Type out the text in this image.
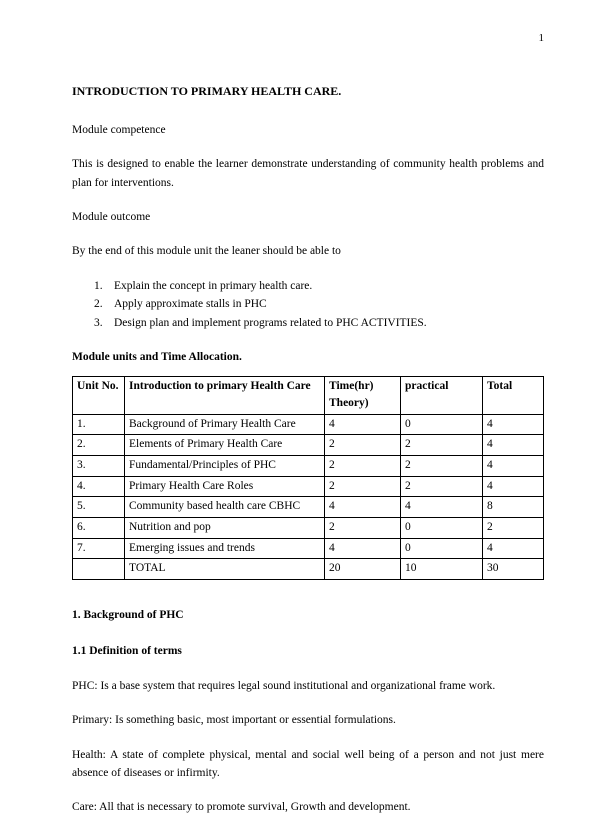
1
INTRODUCTION TO PRIMARY HEALTH CARE.
Module competence
This is designed to enable the learner demonstrate understanding of community health problems and plan for interventions.
Module outcome
By the end of this module unit the leaner should be able to
1. Explain the concept in primary health care.
2. Apply approximate stalls in PHC
3. Design plan and implement programs related to PHC ACTIVITIES.
Module units and Time Allocation.
Unit No.	Introduction to primary Health Care	Time(hr) Theory)	practical	Total
1.	Background of Primary Health Care	4	0	4
2.	Elements of Primary Health Care	2	2	4
3.	Fundamental/Principles of PHC	2	2	4
4.	Primary Health Care Roles	2	2	4
5.	Community based health care CBHC	4	4	8
6.	Nutrition and pop	2	0	2
7.	Emerging issues and trends	4	0	4
	TOTAL	20	10	30
1. Background of PHC
1.1 Definition of terms
PHC: Is a base system that requires legal sound institutional and organizational frame work.
Primary: Is something basic, most important or essential formulations.
Health: A state of complete physical, mental and social well being of a person and not just mere absence of diseases or infirmity.
Care: All that is necessary to promote survival, Growth and development.
